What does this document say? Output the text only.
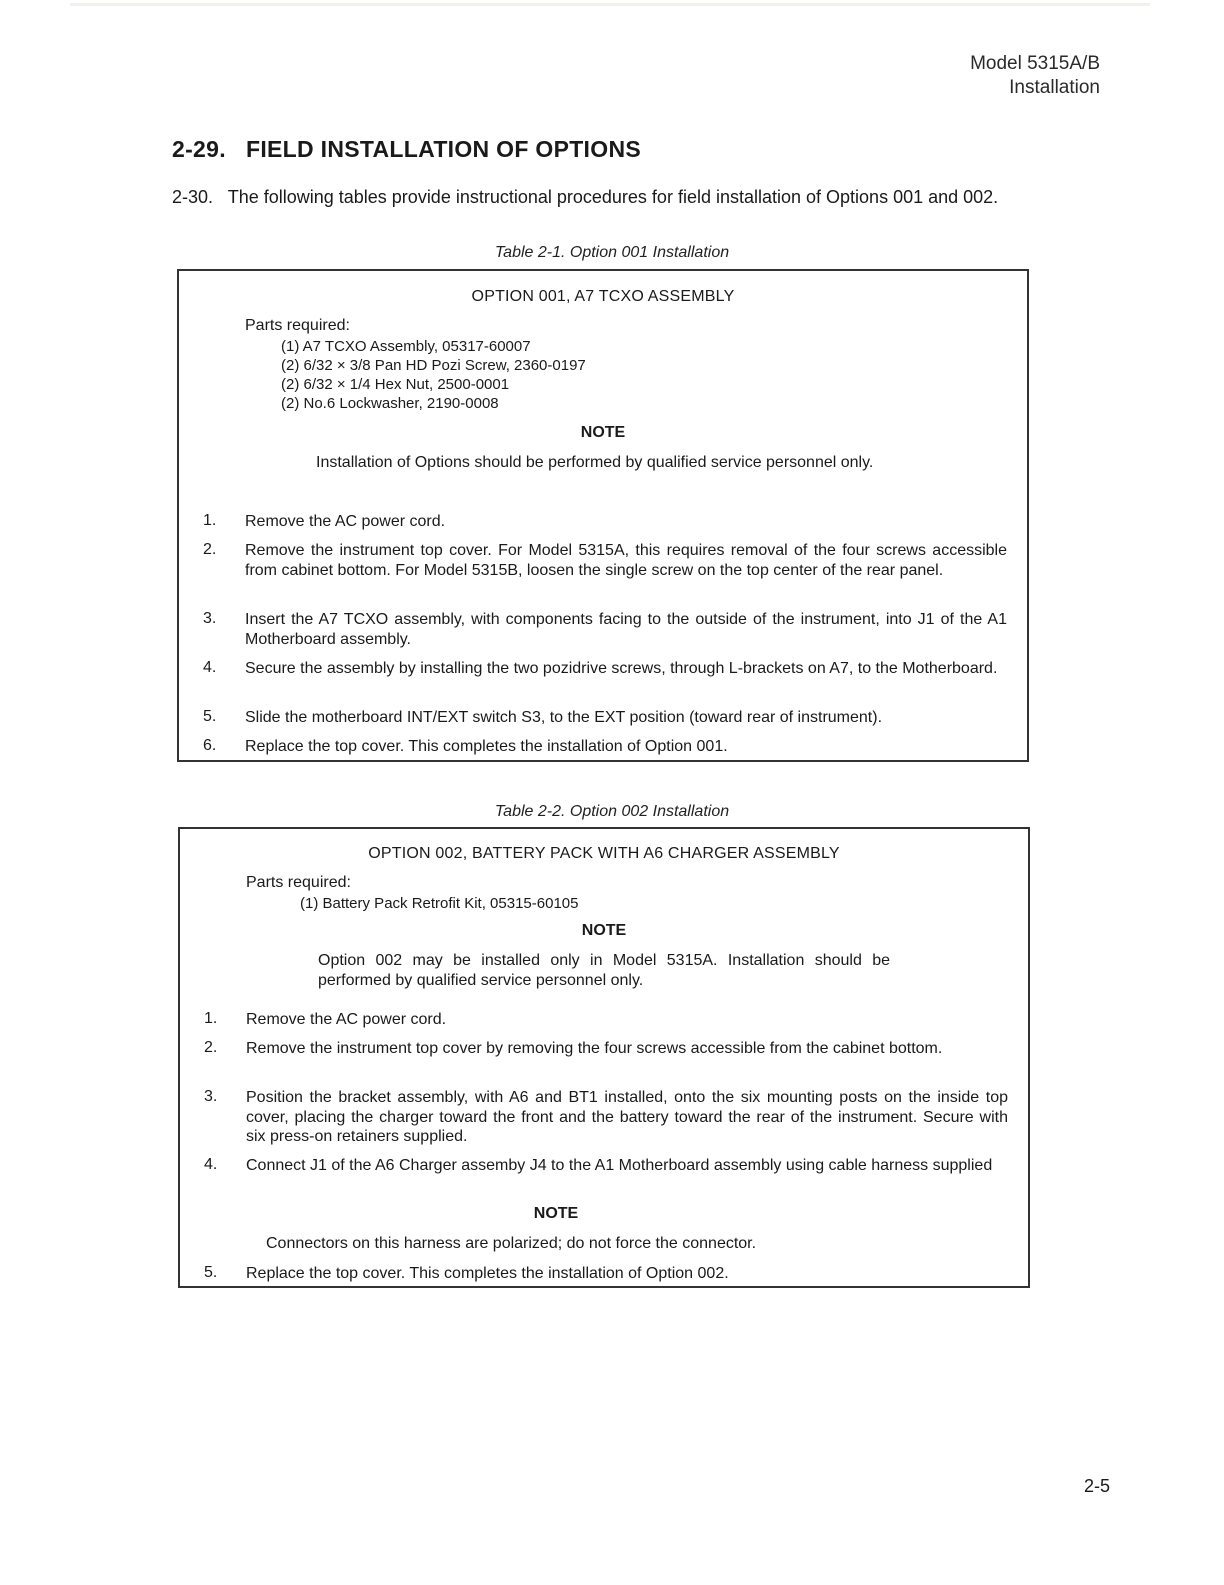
Model 5315A/B
Installation
2-29.   FIELD INSTALLATION OF OPTIONS
2-30.   The following tables provide instructional procedures for field installation of Options 001 and 002.
Table 2-1. Option 001 Installation
OPTION 001, A7 TCXO ASSEMBLY
Parts required:
(1) A7 TCXO Assembly, 05317-60007
(2) 6/32 × 3/8 Pan HD Pozi Screw, 2360-0197
(2) 6/32 × 1/4 Hex Nut, 2500-0001
(2) No.6 Lockwasher, 2190-0008
NOTE
Installation of Options should be performed by qualified service personnel only.
1. Remove the AC power cord.
2. Remove the instrument top cover. For Model 5315A, this requires removal of the four screws accessible from cabinet bottom. For Model 5315B, loosen the single screw on the top center of the rear panel.
3. Insert the A7 TCXO assembly, with components facing to the outside of the instrument, into J1 of the A1 Motherboard assembly.
4. Secure the assembly by installing the two pozidrive screws, through L-brackets on A7, to the Motherboard.
5. Slide the motherboard INT/EXT switch S3, to the EXT position (toward rear of instrument).
6. Replace the top cover. This completes the installation of Option 001.
Table 2-2. Option 002 Installation
OPTION 002, BATTERY PACK WITH A6 CHARGER ASSEMBLY
Parts required:
(1) Battery Pack Retrofit Kit, 05315-60105
NOTE
Option 002 may be installed only in Model 5315A. Installation should be performed by qualified service personnel only.
1. Remove the AC power cord.
2. Remove the instrument top cover by removing the four screws accessible from the cabinet bottom.
3. Position the bracket assembly, with A6 and BT1 installed, onto the six mounting posts on the inside top cover, placing the charger toward the front and the battery toward the rear of the instrument. Secure with six press-on retainers supplied.
4. Connect J1 of the A6 Charger assemby J4 to the A1 Motherboard assembly using cable harness supplied
NOTE
Connectors on this harness are polarized; do not force the connector.
5. Replace the top cover. This completes the installation of Option 002.
2-5
